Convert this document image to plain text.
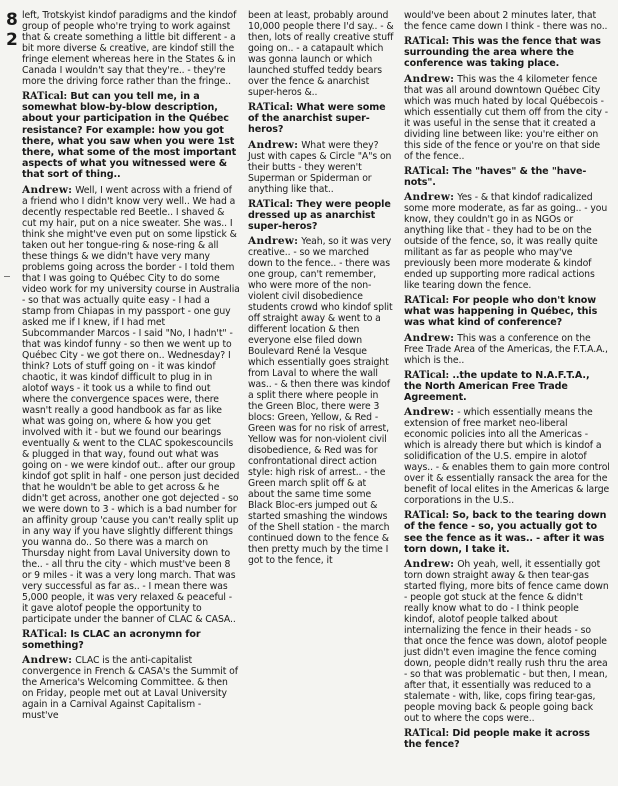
8
2

left, Trotskyist kindof paradigms and the kindof group of people who're trying to work against that & create something a little bit different - a bit more diverse & creative, are kindof still the fringe element whereas here in the States & in Canada I wouldn't say that they're.. - they're more the driving force rather than the fringe..

RATical: But can you tell me, in a somewhat blow-by-blow description, about your participation in the Québec resistance? For example: how you got there, what you saw when you were 1st there, what some of the most important aspects of what you witnessed were & that sort of thing..

Andrew: Well, I went across with a friend of a friend who I didn't know very well.. We had a decently respectable red Beetle.. I shaved & cut my hair, put on a nice sweater. She was.. I think she might've even put on some lipstick & taken out her tongue-ring & nose-ring & all these things & we didn't have very many problems going across the border - I told them that I was going to Québec City to do some video work for my university course in Australia - so that was actually quite easy - I had a stamp from Chiapas in my passport - one guy asked me if I knew, if I had met Subcommander Marcos - I said "No, I hadn't" - that was kindof funny - so then we went up to Québec City - we got there on.. Wednesday? I think? Lots of stuff going on - it was kindof chaotic, it was kindof difficult to plug in in alotof ways - it took us a while to find out where the convergence spaces were, there wasn't really a good handbook as far as like what was going on, where & how you get involved with it - but we found our bearings eventually & went to the CLAC spokescouncils & plugged in that way, found out what was going on - we were kindof out.. after our group kindof got split in half - one person just decided that he wouldn't be able to get across & he didn't get across, another one got dejected - so we were down to 3 - which is a bad number for an affinity group 'cause you can't really split up in any way if you have slightly different things you wanna do.. So there was a march on Thursday night from Laval University down to the.. - all thru the city - which must've been 8 or 9 miles - it was a very long march. That was very successful as far as.. - I mean there was 5,000 people, it was very relaxed & peaceful - it gave alotof people the opportunity to participate under the banner of CLAC & CASA..

RATical: Is CLAC an acronymn for something?

Andrew: CLAC is the anti-capitalist convergence in French & CASA's the Summit of the America's Welcoming Committee. & then on Friday, people met out at Laval University again in a Carnival Against Capitalism - must've

been at least, probably around 10,000 people there I'd say.. - & then, lots of really creative stuff going on.. - a catapault which was gonna launch or which launched stuffed teddy bears over the fence & anarchist super-heros &..

RATical: What were some of the anarchist super-heros?

Andrew: What were they? Just with capes & Circle "A"s on their butts - they weren't Superman or Spiderman or anything like that..

RATical: They were people dressed up as anarchist super-heros?

Andrew: Yeah, so it was very creative.. - so we marched down to the fence.. - there was one group, can't remember, who were more of the non-violent civil disobedience students crowd who kindof split off straight away & went to a different location & then everyone else filed down Boulevard René la Vesque which essentially goes straight from Laval to where the wall was.. - & then there was kindof a split there where people in the Green Bloc, there were 3 blocs: Green, Yellow, & Red - Green was for no risk of arrest, Yellow was for non-violent civil disobedience, & Red was for confrontational direct action style: high risk of arrest.. - the Green march split off & at about the same time some Black Bloc-ers jumped out & started smashing the windows of the Shell station - the march continued down to the fence & then pretty much by the time I got to the fence, it

would've been about 2 minutes later, that the fence came down I think - there was no..

RATical: This was the fence that was surrounding the area where the conference was taking place.

Andrew: This was the 4 kilometer fence that was all around downtown Québec City which was much hated by local Québecois - which essentially cut them off from the city - it was useful in the sense that it created a dividing line between like: you're either on this side of the fence or you're on that side of the fence..

RATical: The "haves" & the "have-nots".

Andrew: Yes - & that kindof radicalized some more moderate, as far as going.. - you know, they couldn't go in as NGOs or anything like that - they had to be on the outside of the fence, so, it was really quite militant as far as people who may've previously been more moderate & kindof ended up supporting more radical actions like tearing down the fence.

RATical: For people who don't know what was happening in Québec, this was what kind of conference?

Andrew: This was a conference on the Free Trade Area of the Americas, the F.T.A.A., which is the..

RATical: ..the update to N.A.F.T.A., the North American Free Trade Agreement.

Andrew: - which essentially means the extension of free market neo-liberal economic policies into all the Americas - which is already there but which is kindof a solidification of the U.S. empire in alotof ways.. - & enables them to gain more control over it & essentially ransack the area for the benefit of local elites in the Americas & large corporations in the U.S..

RATical: So, back to the tearing down of the fence - so, you actually got to see the fence as it was.. - after it was torn down, I take it.

Andrew: Oh yeah, well, it essentially got torn down straight away & then tear-gas started flying, more bits of fence came down - people got stuck at the fence & didn't really know what to do - I think people kindof, alotof people talked about internalizing the fence in their heads - so that once the fence was down, alotof people just didn't even imagine the fence coming down, people didn't really rush thru the area - so that was problematic - but then, I mean, after that, it essentially was reduced to a stalemate - with, like, cops firing tear-gas, people moving back & people going back out to where the cops were..

RATical: Did people make it across the fence?
